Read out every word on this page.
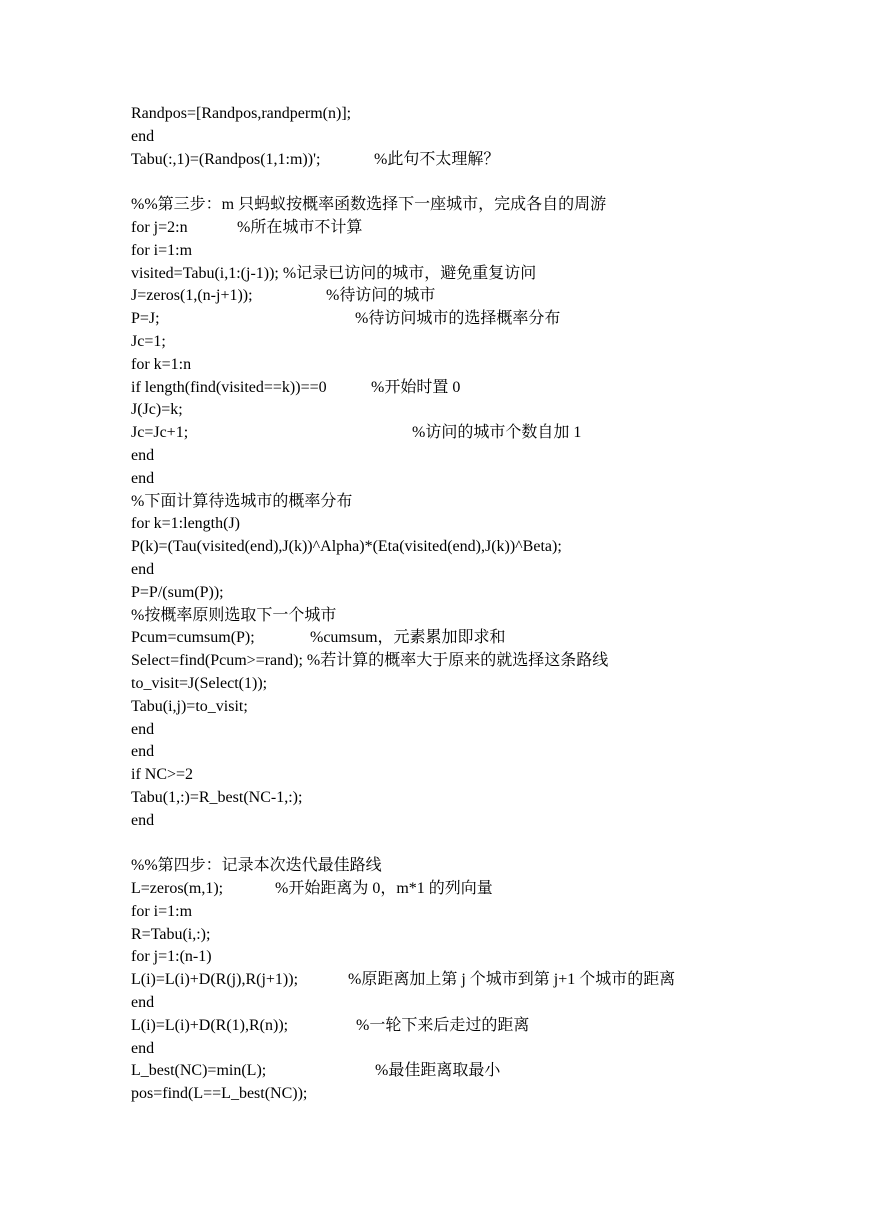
Randpos=[Randpos,randperm(n)];
end
Tabu(:,1)=(Randpos(1,1:m))';	%此句不太理解？
%%第三步：m 只蚂蚁按概率函数选择下一座城市，完成各自的周游
for j=2:n	%所在城市不计算
for i=1:m
visited=Tabu(i,1:(j-1)); %记录已访问的城市，避免重复访问
J=zeros(1,(n-j+1));	%待访问的城市
P=J;	%待访问城市的选择概率分布
Jc=1;
for k=1:n
if length(find(visited==k))==0	%开始时置 0
J(Jc)=k;
Jc=Jc+1;	%访问的城市个数自加 1
end
end
%下面计算待选城市的概率分布
for k=1:length(J)
P(k)=(Tau(visited(end),J(k))^Alpha)*(Eta(visited(end),J(k))^Beta);
end
P=P/(sum(P));
%按概率原则选取下一个城市
Pcum=cumsum(P);	%cumsum，元素累加即求和
Select=find(Pcum>=rand); %若计算的概率大于原来的就选择这条路线
to_visit=J(Select(1));
Tabu(i,j)=to_visit;
end
end
if NC>=2
Tabu(1,:)=R_best(NC-1,:);
end
%%第四步：记录本次迭代最佳路线
L=zeros(m,1);	%开始距离为 0，m*1 的列向量
for i=1:m
R=Tabu(i,:);
for j=1:(n-1)
L(i)=L(i)+D(R(j),R(j+1));	%原距离加上第 j 个城市到第 j+1 个城市的距离
end
L(i)=L(i)+D(R(1),R(n));	%一轮下来后走过的距离
end
L_best(NC)=min(L);	%最佳距离取最小
pos=find(L==L_best(NC));
